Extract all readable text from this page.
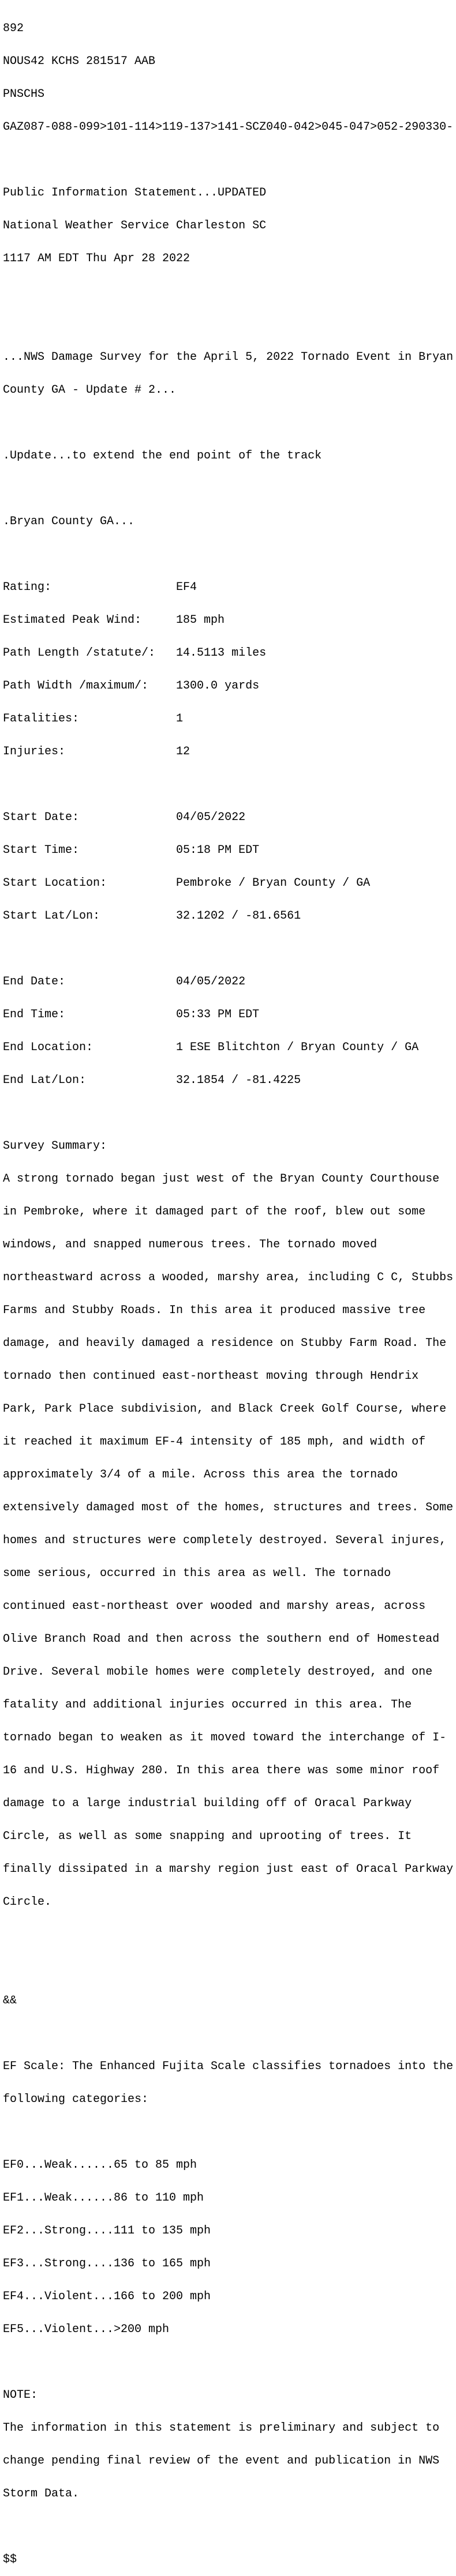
892

NOUS42 KCHS 281517 AAB

PNSCHS

GAZ087-088-099>101-114>119-137>141-SCZ040-042>045-047>052-290330-

Public Information Statement...UPDATED

National Weather Service Charleston SC

1117 AM EDT Thu Apr 28 2022

...NWS Damage Survey for the April 5, 2022 Tornado Event in Bryan

County GA - Update # 2...

.Update...to extend the end point of the track

.Bryan County GA...

Rating:                  EF4

Estimated Peak Wind:     185 mph

Path Length /statute/:   14.5113 miles

Path Width /maximum/:    1300.0 yards

Fatalities:              1

Injuries:                12

Start Date:              04/05/2022

Start Time:              05:18 PM EDT

Start Location:          Pembroke / Bryan County / GA

Start Lat/Lon:           32.1202 / -81.6561

End Date:                04/05/2022

End Time:                05:33 PM EDT

End Location:            1 ESE Blitchton / Bryan County / GA

End Lat/Lon:             32.1854 / -81.4225

Survey Summary:

A strong tornado began just west of the Bryan County Courthouse

in Pembroke, where it damaged part of the roof, blew out some

windows, and snapped numerous trees. The tornado moved

northeastward across a wooded, marshy area, including C C, Stubbs

Farms and Stubby Roads. In this area it produced massive tree

damage, and heavily damaged a residence on Stubby Farm Road. The

tornado then continued east-northeast moving through Hendrix

Park, Park Place subdivision, and Black Creek Golf Course, where

it reached it maximum EF-4 intensity of 185 mph, and width of

approximately 3/4 of a mile. Across this area the tornado

extensively damaged most of the homes, structures and trees. Some

homes and structures were completely destroyed. Several injures,

some serious, occurred in this area as well. The tornado

continued east-northeast over wooded and marshy areas, across

Olive Branch Road and then across the southern end of Homestead

Drive. Several mobile homes were completely destroyed, and one

fatality and additional injuries occurred in this area. The

tornado began to weaken as it moved toward the interchange of I-

16 and U.S. Highway 280. In this area there was some minor roof

damage to a large industrial building off of Oracal Parkway

Circle, as well as some snapping and uprooting of trees. It

finally dissipated in a marshy region just east of Oracal Parkway

Circle.

&&

EF Scale: The Enhanced Fujita Scale classifies tornadoes into the

following categories:

EF0...Weak......65 to 85 mph

EF1...Weak......86 to 110 mph

EF2...Strong....111 to 135 mph

EF3...Strong....136 to 165 mph

EF4...Violent...166 to 200 mph

EF5...Violent...>200 mph

NOTE:

The information in this statement is preliminary and subject to

change pending final review of the event and publication in NWS

Storm Data.

$$
